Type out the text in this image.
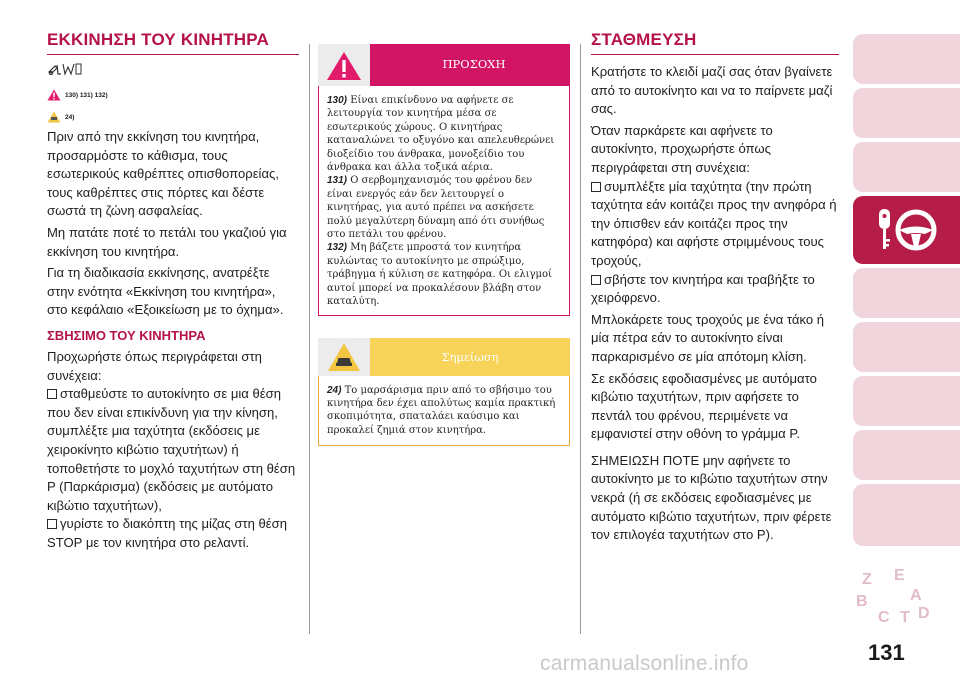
ΕΚΚΙΝΗΣΗ ΤΟΥ ΚΙΝΗΤΗΡΑ
130) 131) 132)
24)

Πριν από την εκκίνηση του κινητήρα, προσαρμόστε το κάθισμα, τους εσωτερικούς καθρέπτες οπισθοπορείας, τους καθρέπτες στις πόρτες και δέστε σωστά τη ζώνη ασφαλείας.

Μη πατάτε ποτέ το πετάλι του γκαζιού για εκκίνηση του κινητήρα.

Για τη διαδικασία εκκίνησης, ανατρέξτε στην ενότητα «Εκκίνηση του κινητήρα», στο κεφάλαιο «Εξοικείωση με το όχημα».

ΣΒΗΣΙΜΟ ΤΟΥ ΚΙΝΗΤΗΡΑ

Προχωρήστε όπως περιγράφεται στη συνέχεια:

σταθμεύστε το αυτοκίνητο σε μια θέση που δεν είναι επικίνδυνη για την κίνηση, συμπλέξτε μια ταχύτητα (εκδόσεις με χειροκίνητο κιβώτιο ταχυτήτων) ή τοποθετήστε το μοχλό ταχυτήτων στη θέση P (Παρκάρισμα) (εκδόσεις με αυτόματο κιβώτιο ταχυτήτων),
γυρίστε το διακόπτη της μίζας στη θέση STOP με τον κινητήρα στο ρελαντί.
ΠΡΟΣΟΧΗ

130) Είναι επικίνδυνο να αφήνετε σε λειτουργία τον κινητήρα μέσα σε εσωτερικούς χώρους. Ο κινητήρας καταναλώνει το οξυγόνο και απελευθερώνει διοξείδιο του άνθρακα, μονοξείδιο του άνθρακα και άλλα τοξικά αέρια.

131) Ο σερβομηχανισμός του φρένου δεν είναι ενεργός εάν δεν λειτουργεί ο κινητήρας, για αυτό πρέπει να ασκήσετε πολύ μεγαλύτερη δύναμη από ότι συνήθως στο πετάλι του φρένου.

132) Μη βάζετε μπροστά τον κινητήρα κυλώντας το αυτοκίνητο με σπρώξιμο, τράβηγμα ή κύλιση σε κατηφόρα. Οι ελιγμοί αυτοί μπορεί να προκαλέσουν βλάβη στον καταλύτη.

Σημείωση

24) Το μαρσάρισμα πριν από το σβήσιμο του κινητήρα δεν έχει απολύτως καμία πρακτική σκοπιμότητα, σπαταλάει καύσιμο και προκαλεί ζημιά στον κινητήρα.

ΣΤΑΘΜΕΥΣΗ

Κρατήστε το κλειδί μαζί σας όταν βγαίνετε από το αυτοκίνητο και να το παίρνετε μαζί σας.

Όταν παρκάρετε και αφήνετε το αυτοκίνητο, προχωρήστε όπως περιγράφεται στη συνέχεια:

συμπλέξτε μία ταχύτητα (την πρώτη ταχύτητα εάν κοιτάζει προς την ανηφόρα ή την όπισθεν εάν κοιτάζει προς την κατηφόρα) και αφήστε στριμμένους τους τροχούς,
σβήστε τον κινητήρα και τραβήξτε το χειρόφρενο.

Μπλοκάρετε τους τροχούς με ένα τάκο ή μία πέτρα εάν το αυτοκίνητο είναι παρκαρισμένο σε μία απότομη κλίση.

Σε εκδόσεις εφοδιασμένες με αυτόματο κιβώτιο ταχυτήτων, πριν αφήσετε το πεντάλ του φρένου, περιμένετε να εμφανιστεί στην οθόνη το γράμμα P.

ΣΗΜΕΙΩΣΗ ΠΟΤΕ μην αφήνετε το αυτοκίνητο με το κιβώτιο ταχυτήτων στην νεκρά (ή σε εκδόσεις εφοδιασμένες με αυτόματο κιβώτιο ταχυτήτων, πριν φέρετε τον επιλογέα ταχυτήτων στο P).

Z E
B	A
C T D
131
carmanualsonline.info
